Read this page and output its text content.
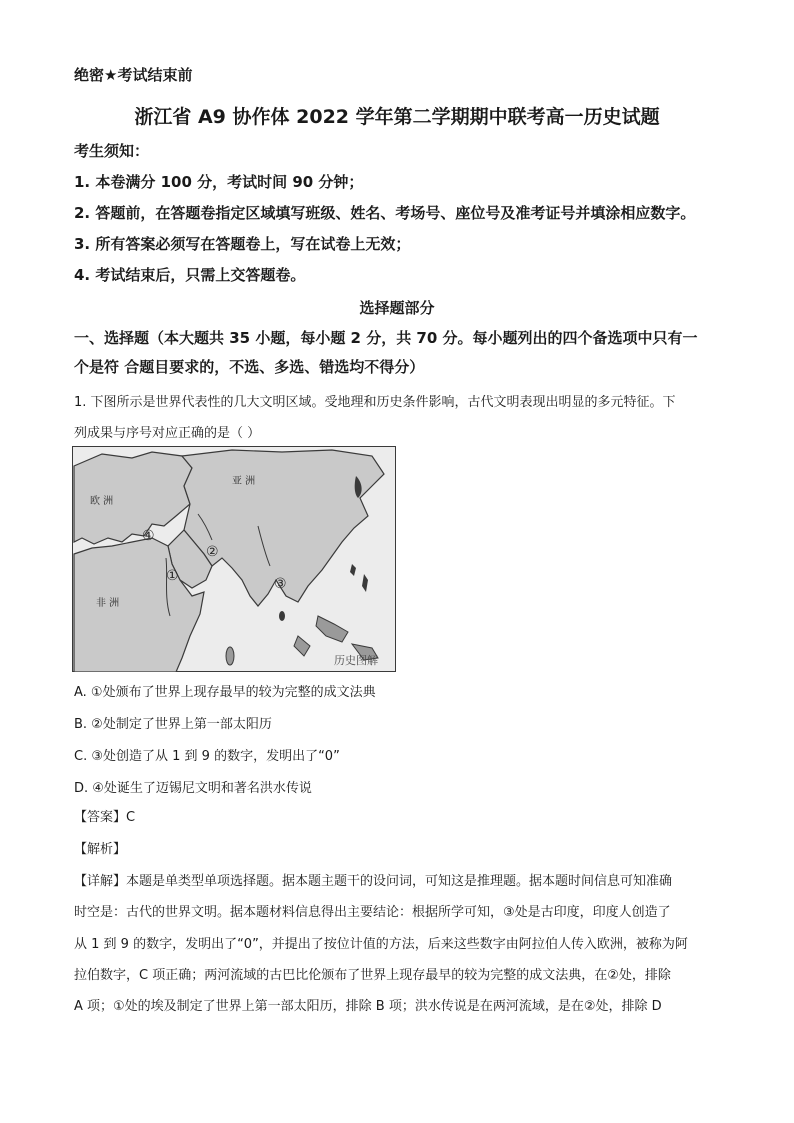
绝密★考试结束前
浙江省 A9 协作体 2022 学年第二学期期中联考高一历史试题
考生须知：
1. 本卷满分 100 分，考试时间 90 分钟；
2. 答题前，在答题卷指定区域填写班级、姓名、考场号、座位号及准考证号并填涂相应数字。
3. 所有答案必须写在答题卷上，写在试卷上无效；
4. 考试结束后，只需上交答题卷。
选择题部分
一、选择题（本大题共 35 小题，每小题 2 分，共 70 分。每小题列出的四个备选项中只有一
个是符 合题目要求的，不选、多选、错选均不得分）
1. 下图所示是世界代表性的几大文明区域。受地理和历史条件影响，古代文明表现出明显的多元特征。下
列成果与序号对应正确的是（ ）
亚 洲
欧 洲
非 洲
①
②
③
④
历史图解
A. ①处颁布了世界上现存最早的较为完整的成文法典
B. ②处制定了世界上第一部太阳历
C. ③处创造了从 1 到 9 的数字，发明出了“0”
D. ④处诞生了迈锡尼文明和著名洪水传说
【答案】C
【解析】
【详解】本题是单类型单项选择题。据本题主题干的设问词，可知这是推理题。据本题时间信息可知准确
时空是：古代的世界文明。据本题材料信息得出主要结论：根据所学可知，③处是古印度，印度人创造了
从 1 到 9 的数字，发明出了“0”，并提出了按位计值的方法，后来这些数字由阿拉伯人传入欧洲，被称为阿
拉伯数字，C 项正确；两河流域的古巴比伦颁布了世界上现存最早的较为完整的成文法典，在②处，排除
A 项；①处的埃及制定了世界上第一部太阳历，排除 B 项；洪水传说是在两河流域，是在②处，排除 D
